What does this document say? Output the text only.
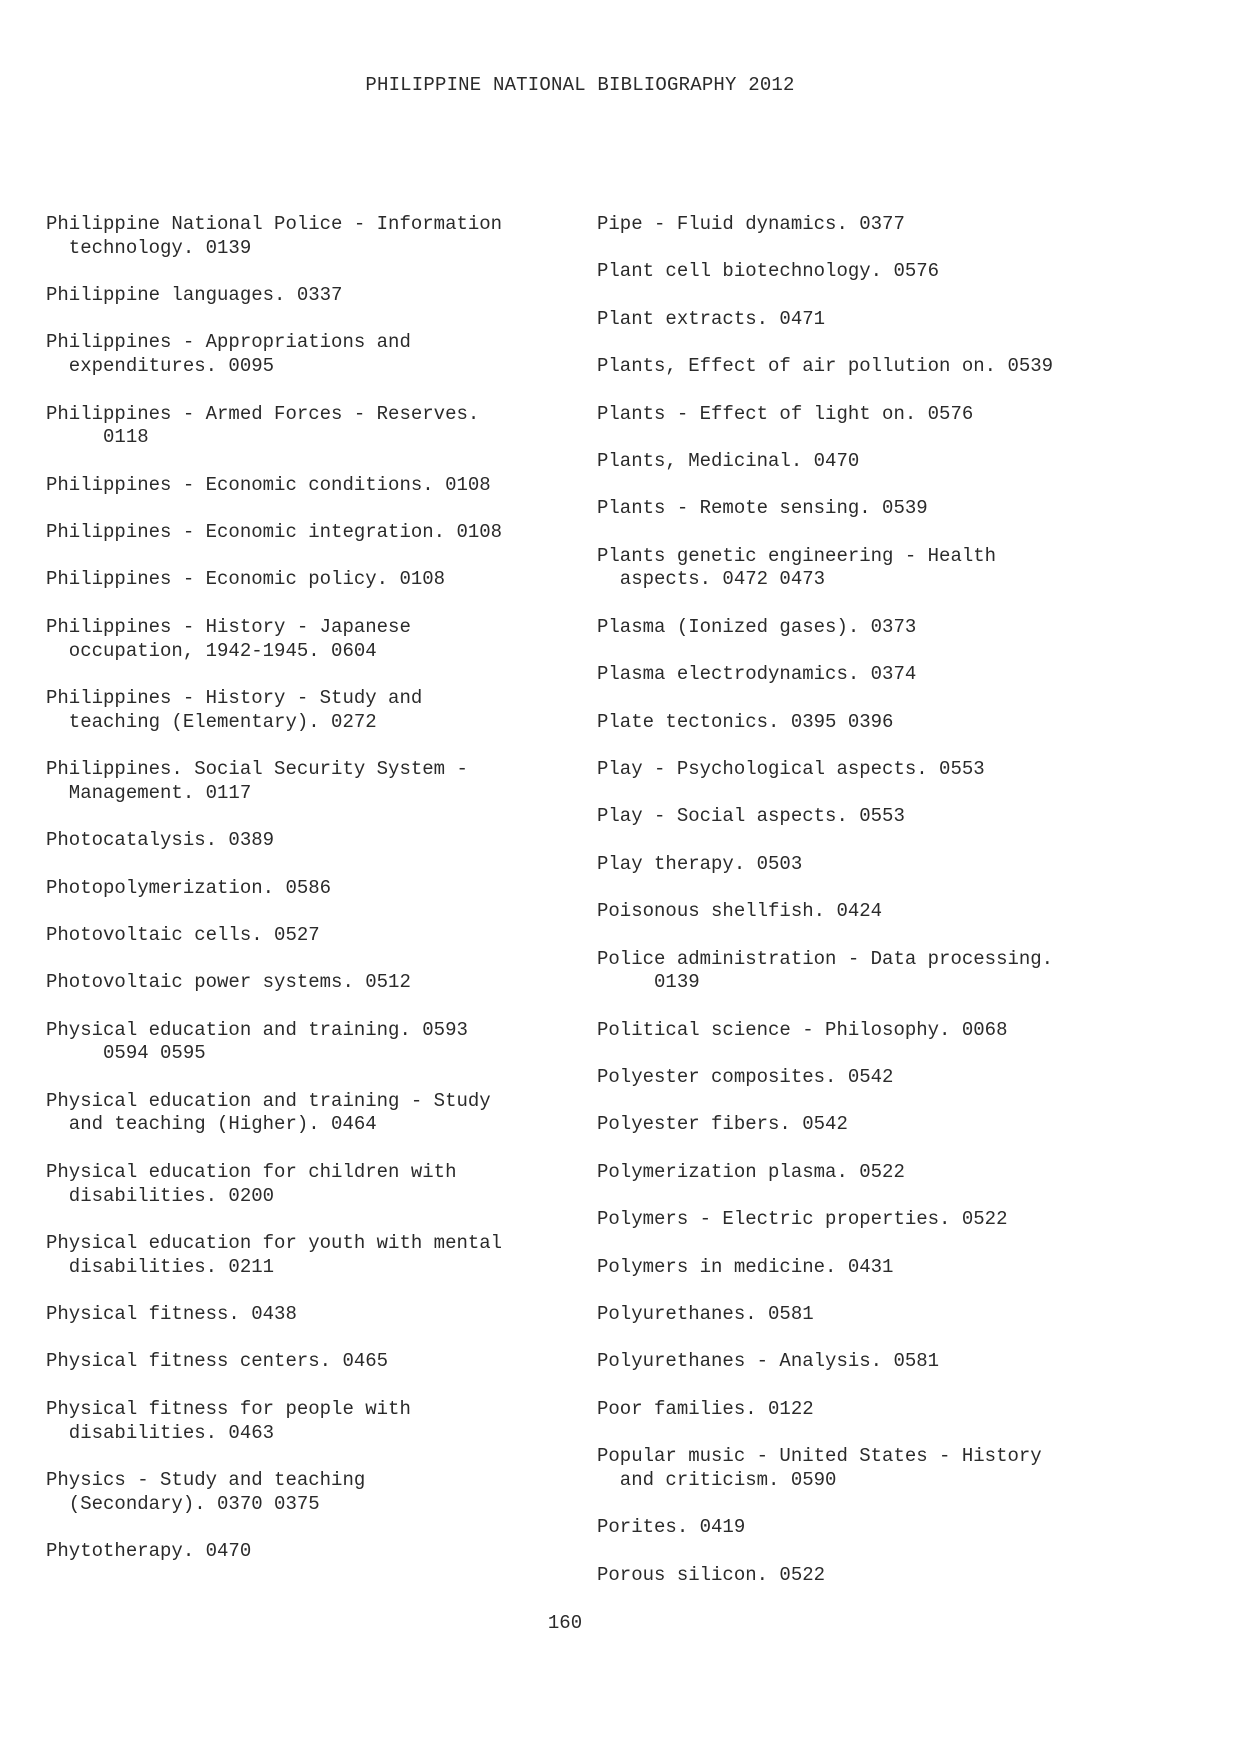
PHILIPPINE NATIONAL BIBLIOGRAPHY 2012
Philippine National Police - Information
technology. 0139
Philippine languages. 0337
Philippines - Appropriations and
expenditures. 0095
Philippines - Armed Forces - Reserves.
0118
Philippines - Economic conditions. 0108
Philippines - Economic integration. 0108
Philippines - Economic policy. 0108
Philippines - History - Japanese
occupation, 1942-1945. 0604
Philippines - History - Study and
teaching (Elementary). 0272
Philippines. Social Security System -
Management. 0117
Photocatalysis. 0389
Photopolymerization. 0586
Photovoltaic cells. 0527
Photovoltaic power systems. 0512
Physical education and training. 0593
0594 0595
Physical education and training - Study
and teaching (Higher). 0464
Physical education for children with
disabilities. 0200
Physical education for youth with mental
disabilities. 0211
Physical fitness. 0438
Physical fitness centers. 0465
Physical fitness for people with
disabilities. 0463
Physics - Study and teaching
(Secondary). 0370 0375
Phytotherapy. 0470
Pipe - Fluid dynamics. 0377
Plant cell biotechnology. 0576
Plant extracts. 0471
Plants, Effect of air pollution on. 0539
Plants - Effect of light on. 0576
Plants, Medicinal. 0470
Plants - Remote sensing. 0539
Plants genetic engineering - Health
aspects. 0472 0473
Plasma (Ionized gases). 0373
Plasma electrodynamics. 0374
Plate tectonics. 0395 0396
Play - Psychological aspects. 0553
Play - Social aspects. 0553
Play therapy. 0503
Poisonous shellfish. 0424
Police administration - Data processing.
0139
Political science - Philosophy. 0068
Polyester composites. 0542
Polyester fibers. 0542
Polymerization plasma. 0522
Polymers - Electric properties. 0522
Polymers in medicine. 0431
Polyurethanes. 0581
Polyurethanes - Analysis. 0581
Poor families. 0122
Popular music - United States - History
and criticism. 0590
Porites. 0419
Porous silicon. 0522

160
